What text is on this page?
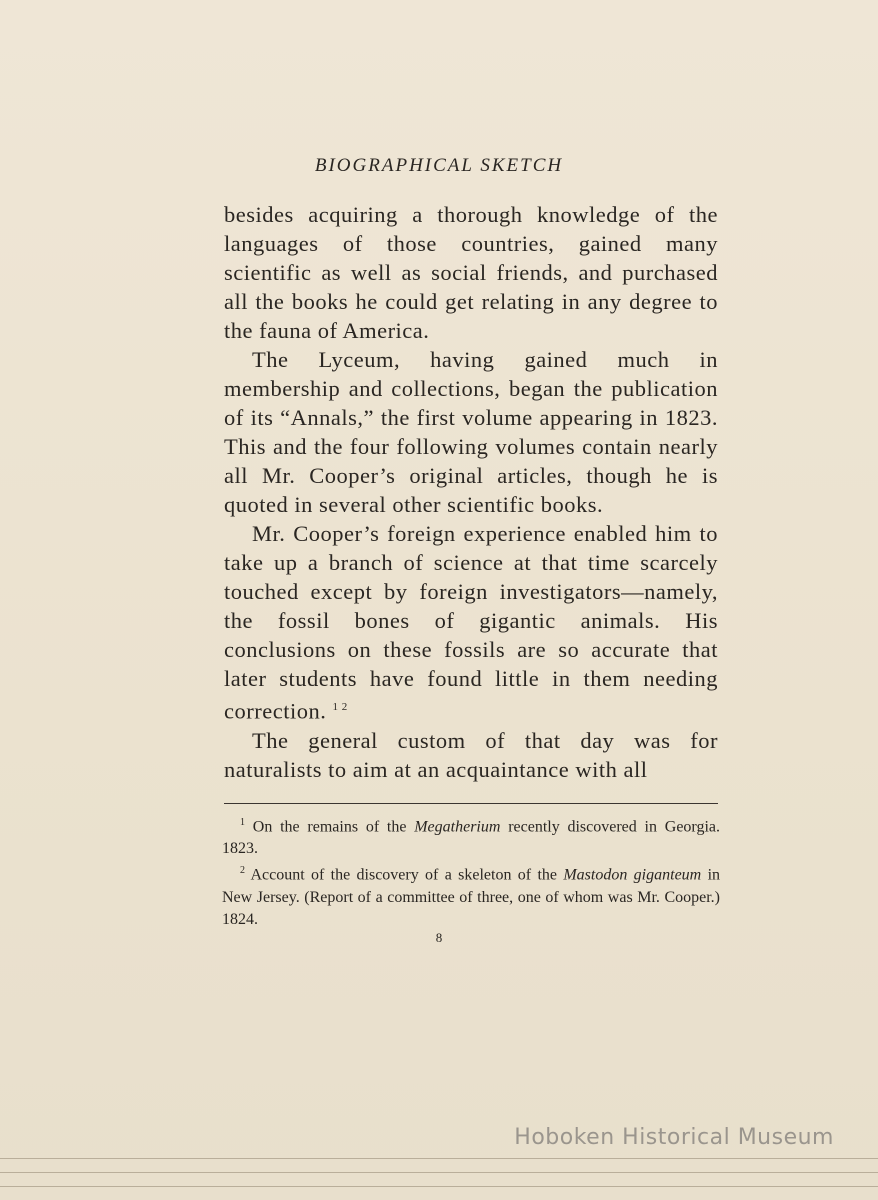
BIOGRAPHICAL SKETCH

besides acquiring a thorough knowledge of the languages of those countries, gained many scientific as well as social friends, and purchased all the books he could get relating in any degree to the fauna of America.

The Lyceum, having gained much in membership and collections, began the publication of its “Annals,” the first volume appearing in 1823. This and the four following volumes contain nearly all Mr. Cooper’s original articles, though he is quoted in several other scientific books.

Mr. Cooper’s foreign experience enabled him to take up a branch of science at that time scarcely touched except by foreign investigators—namely, the fossil bones of gigantic animals. His conclusions on these fossils are so accurate that later students have found little in them needing correction. $^{1 2}$

The general custom of that day was for naturalists to aim at an acquaintance with all

$^1$ On the remains of the Megatherium recently discovered in Georgia. 1823.

$^2$ Account of the discovery of a skeleton of the Mastodon giganteum in New Jersey. (Report of a committee of three, one of whom was Mr. Cooper.) 1824.

8
Hoboken Historical Museum
